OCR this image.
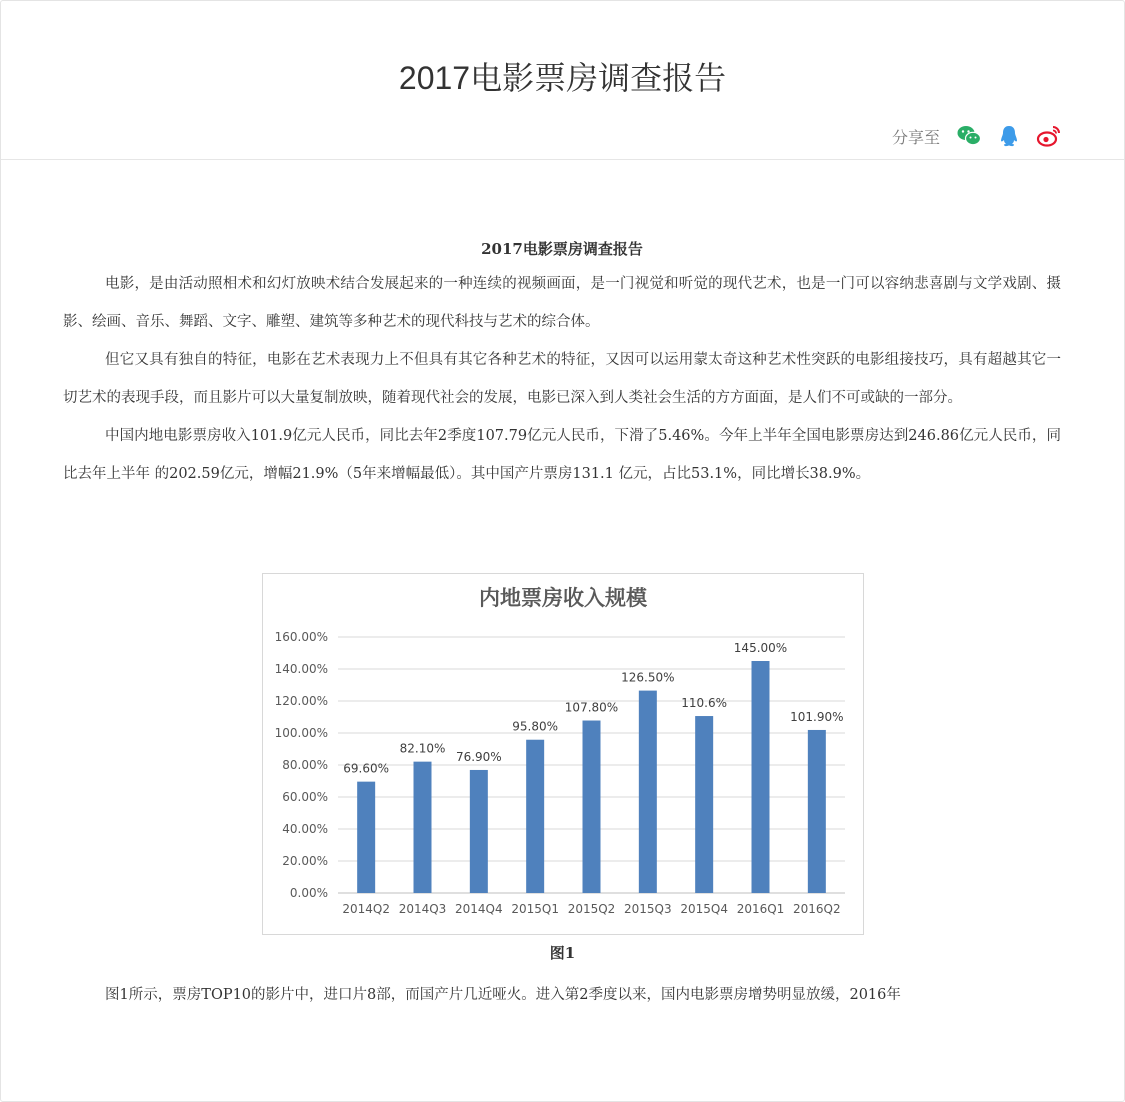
2017电影票房调查报告
分享至
2017电影票房调查报告

电影，是由活动照相术和幻灯放映术结合发展起来的一种连续的视频画面，是一门视觉和听觉的现代艺术，也是一门可以容纳悲喜剧与文学戏剧、摄影、绘画、音乐、舞蹈、文字、雕塑、建筑等多种艺术的现代科技与艺术的综合体。

但它又具有独自的特征，电影在艺术表现力上不但具有其它各种艺术的特征，又因可以运用蒙太奇这种艺术性突跃的电影组接技巧，具有超越其它一切艺术的表现手段，而且影片可以大量复制放映，随着现代社会的发展，电影已深入到人类社会生活的方方面面，是人们不可或缺的一部分。

中国内地电影票房收入101.9亿元人民币，同比去年2季度107.79亿元人民币，下滑了5.46%。今年上半年全国电影票房达到246.86亿元人民币，同比去年上半年 的202.59亿元，增幅21.9%（5年来增幅最低）。其中国产片票房131.1 亿元，占比53.1%，同比增长38.9%。

内地票房收入规模
0.00%
20.00%
40.00%
60.00%
80.00%
100.00%
120.00%
140.00%
160.00%
69.60%
2014Q2
82.10%
2014Q3
76.90%
2014Q4
95.80%
2015Q1
107.80%
2015Q2
126.50%
2015Q3
110.6%
2015Q4
145.00%
2016Q1
101.90%
2016Q2
图1

图1所示，票房TOP10的影片中，进口片8部，而国产片几近哑火。进入第2季度以来，国内电影票房增势明显放缓，2016年
